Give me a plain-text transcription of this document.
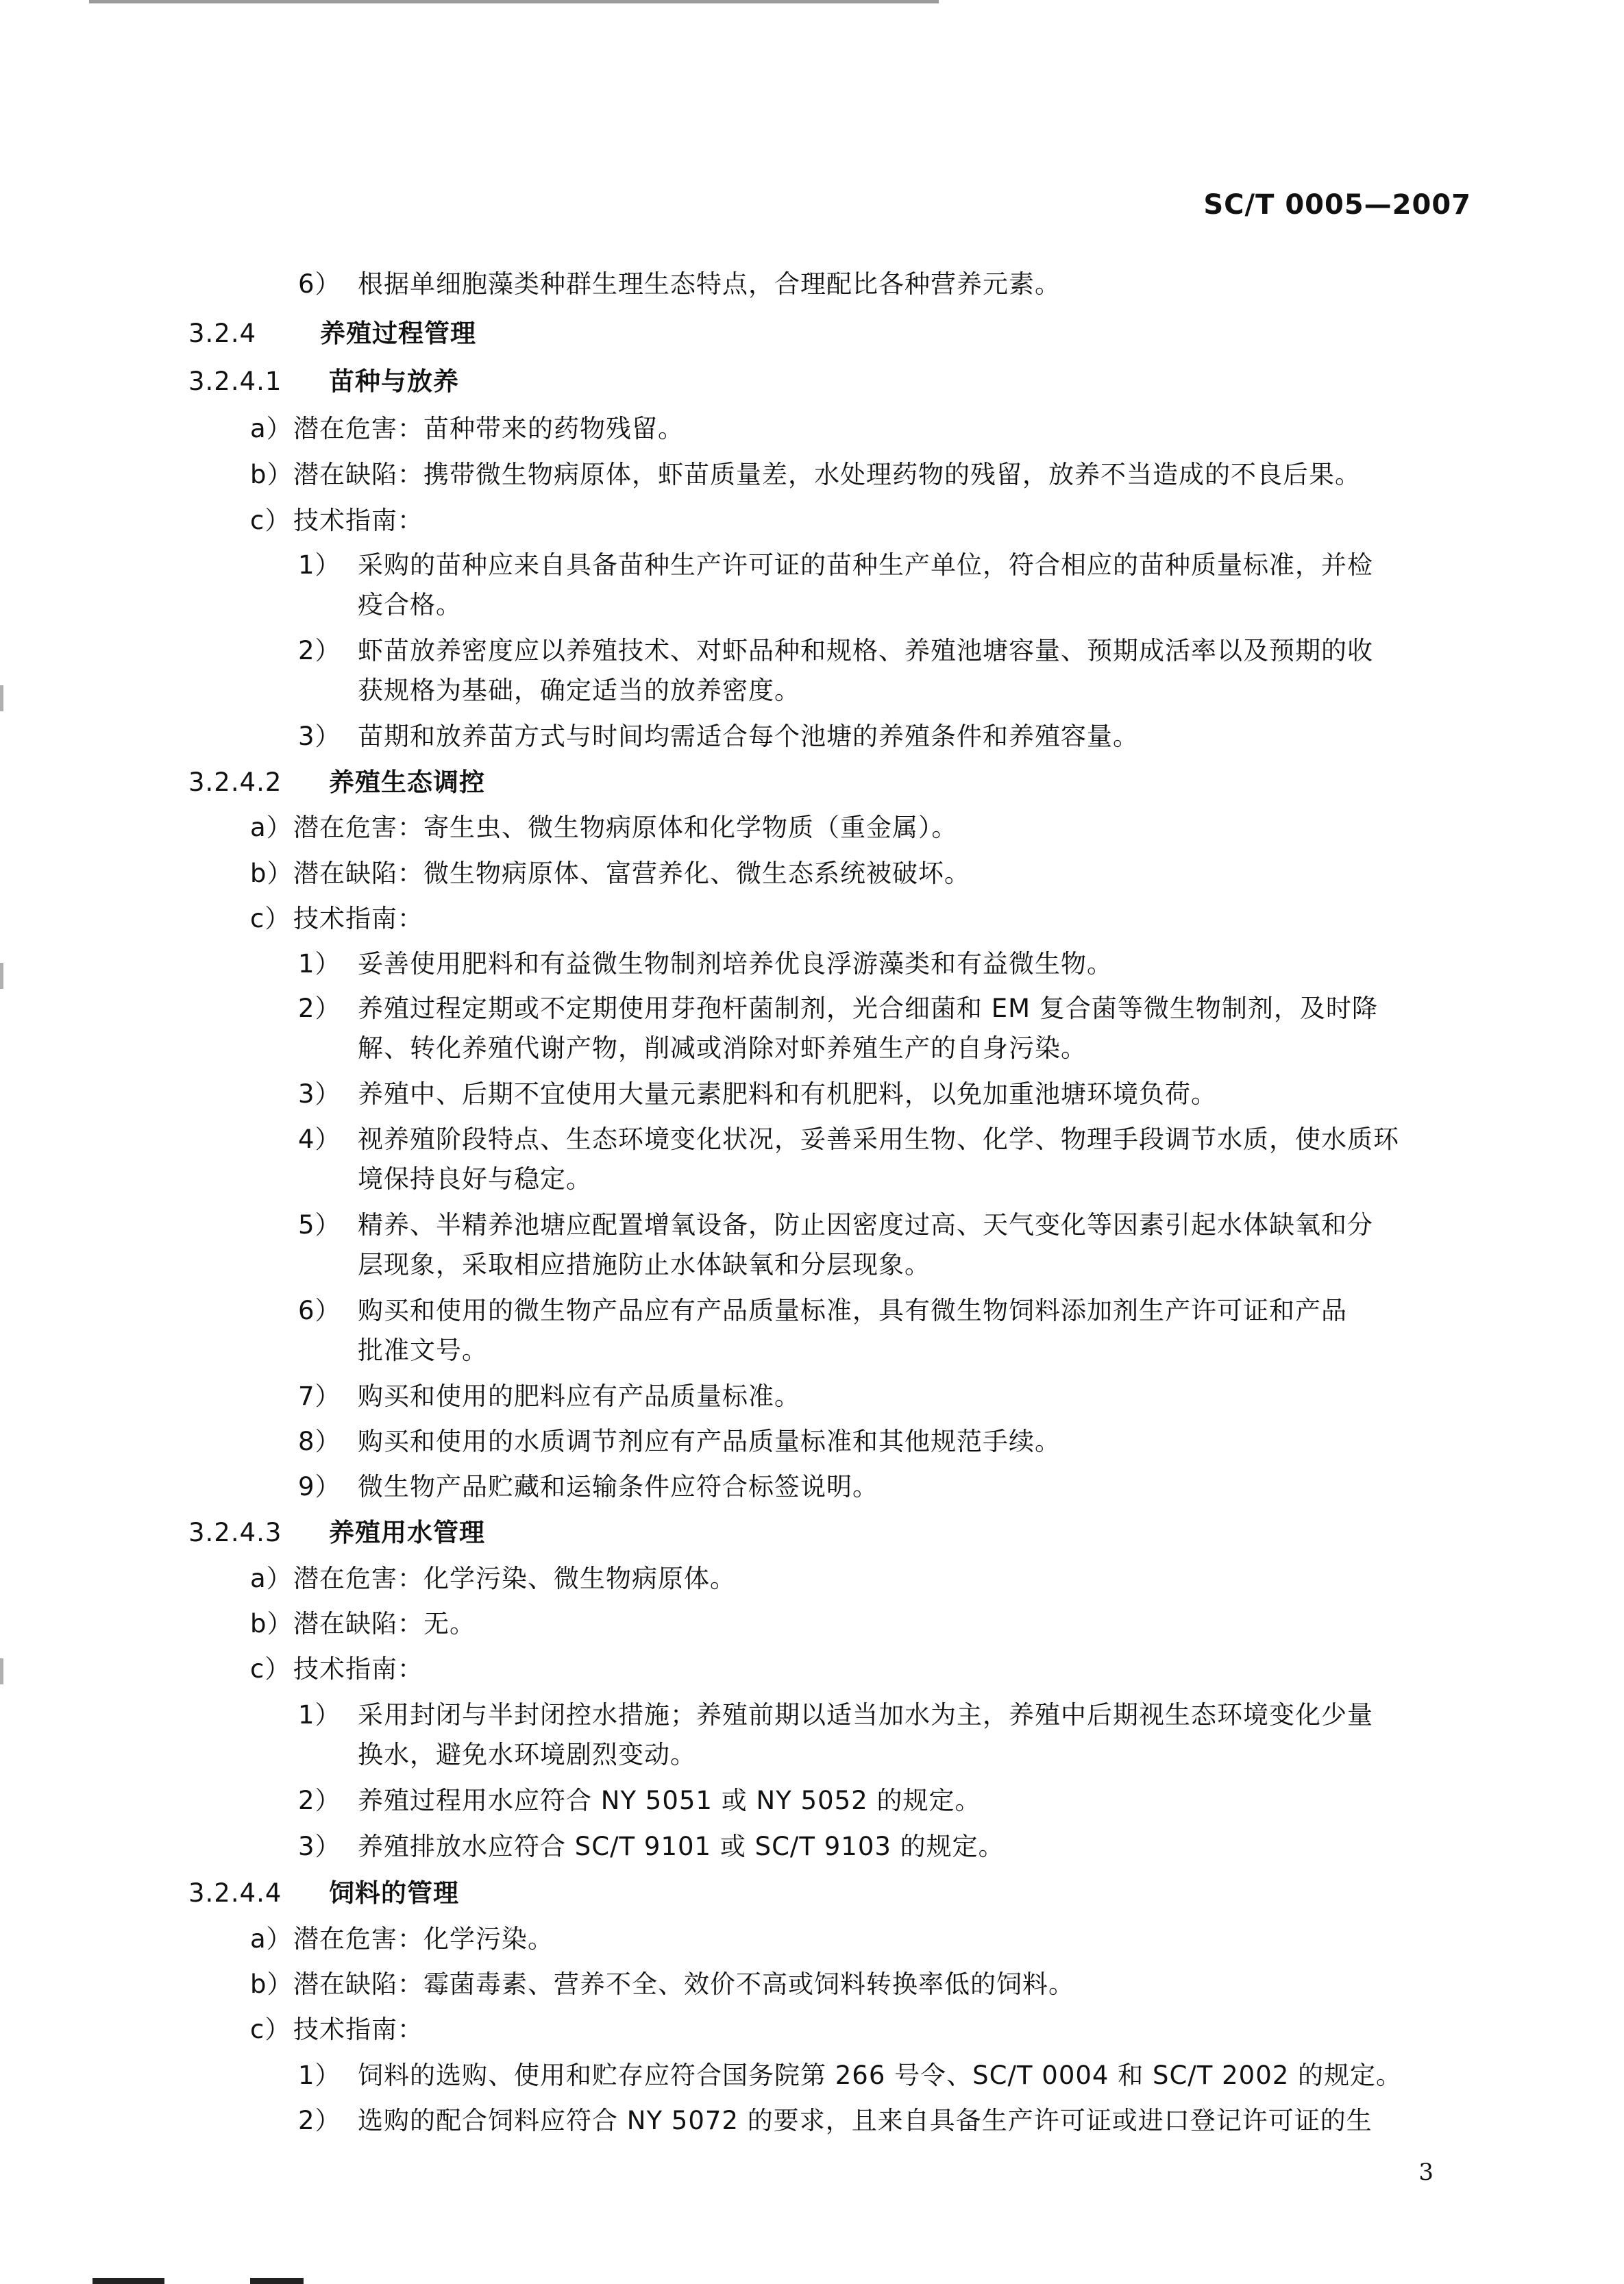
SC/T 0005—2007
6） 根据单细胞藻类种群生理生态特点，合理配比各种营养元素。
3.2.4	养殖过程管理
3.2.4.1 苗种与放养
a）潜在危害：苗种带来的药物残留。
b）潜在缺陷：携带微生物病原体，虾苗质量差，水处理药物的残留，放养不当造成的不良后果。
c）技术指南：
1） 采购的苗种应来自具备苗种生产许可证的苗种生产单位，符合相应的苗种质量标准，并检
疫合格。
2） 虾苗放养密度应以养殖技术、对虾品种和规格、养殖池塘容量、预期成活率以及预期的收
获规格为基础，确定适当的放养密度。
3） 苗期和放养苗方式与时间均需适合每个池塘的养殖条件和养殖容量。
3.2.4.2 养殖生态调控
a）潜在危害：寄生虫、微生物病原体和化学物质（重金属）。
b）潜在缺陷：微生物病原体、富营养化、微生态系统被破坏。
c）技术指南：
1） 妥善使用肥料和有益微生物制剂培养优良浮游藻类和有益微生物。
2） 养殖过程定期或不定期使用芽孢杆菌制剂，光合细菌和 EM 复合菌等微生物制剂，及时降
解、转化养殖代谢产物，削减或消除对虾养殖生产的自身污染。
3） 养殖中、后期不宜使用大量元素肥料和有机肥料，以免加重池塘环境负荷。
4） 视养殖阶段特点、生态环境变化状况，妥善采用生物、化学、物理手段调节水质，使水质环
境保持良好与稳定。
5） 精养、半精养池塘应配置增氧设备，防止因密度过高、天气变化等因素引起水体缺氧和分
层现象，采取相应措施防止水体缺氧和分层现象。
6） 购买和使用的微生物产品应有产品质量标准，具有微生物饲料添加剂生产许可证和产品
批准文号。
7） 购买和使用的肥料应有产品质量标准。
8） 购买和使用的水质调节剂应有产品质量标准和其他规范手续。
9） 微生物产品贮藏和运输条件应符合标签说明。
3.2.4.3 养殖用水管理
a）潜在危害：化学污染、微生物病原体。
b）潜在缺陷：无。
c）技术指南：
1） 采用封闭与半封闭控水措施；养殖前期以适当加水为主，养殖中后期视生态环境变化少量
换水，避免水环境剧烈变动。
2） 养殖过程用水应符合 NY 5051 或 NY 5052 的规定。
3） 养殖排放水应符合 SC/T 9101 或 SC/T 9103 的规定。
3.2.4.4 饲料的管理
a）潜在危害：化学污染。
b）潜在缺陷：霉菌毒素、营养不全、效价不高或饲料转换率低的饲料。
c）技术指南：
1） 饲料的选购、使用和贮存应符合国务院第 266 号令、SC/T 0004 和 SC/T 2002 的规定。
2） 选购的配合饲料应符合 NY 5072 的要求，且来自具备生产许可证或进口登记许可证的生
3
